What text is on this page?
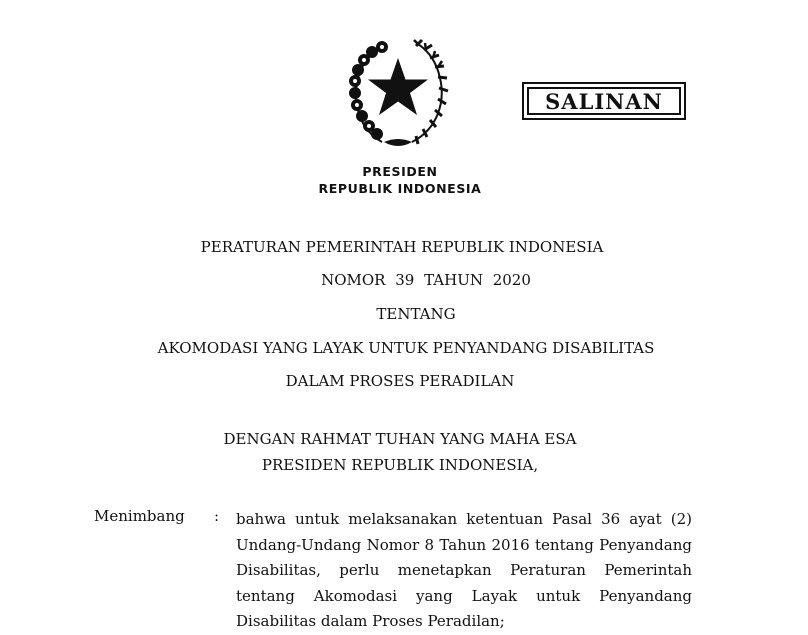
SALINAN
PRESIDEN
REPUBLIK INDONESIA
PERATURAN PEMERINTAH REPUBLIK INDONESIA
NOMOR 39 TAHUN 2020
TENTANG
AKOMODASI YANG LAYAK UNTUK PENYANDANG DISABILITAS
DALAM PROSES PERADILAN
DENGAN RAHMAT TUHAN YANG MAHA ESA
PRESIDEN REPUBLIK INDONESIA,
Menimbang : bahwa untuk melaksanakan ketentuan Pasal 36 ayat (2) Undang-Undang Nomor 8 Tahun 2016 tentang Penyandang Disabilitas, perlu menetapkan Peraturan Pemerintah tentang Akomodasi yang Layak untuk Penyandang Disabilitas dalam Proses Peradilan;
